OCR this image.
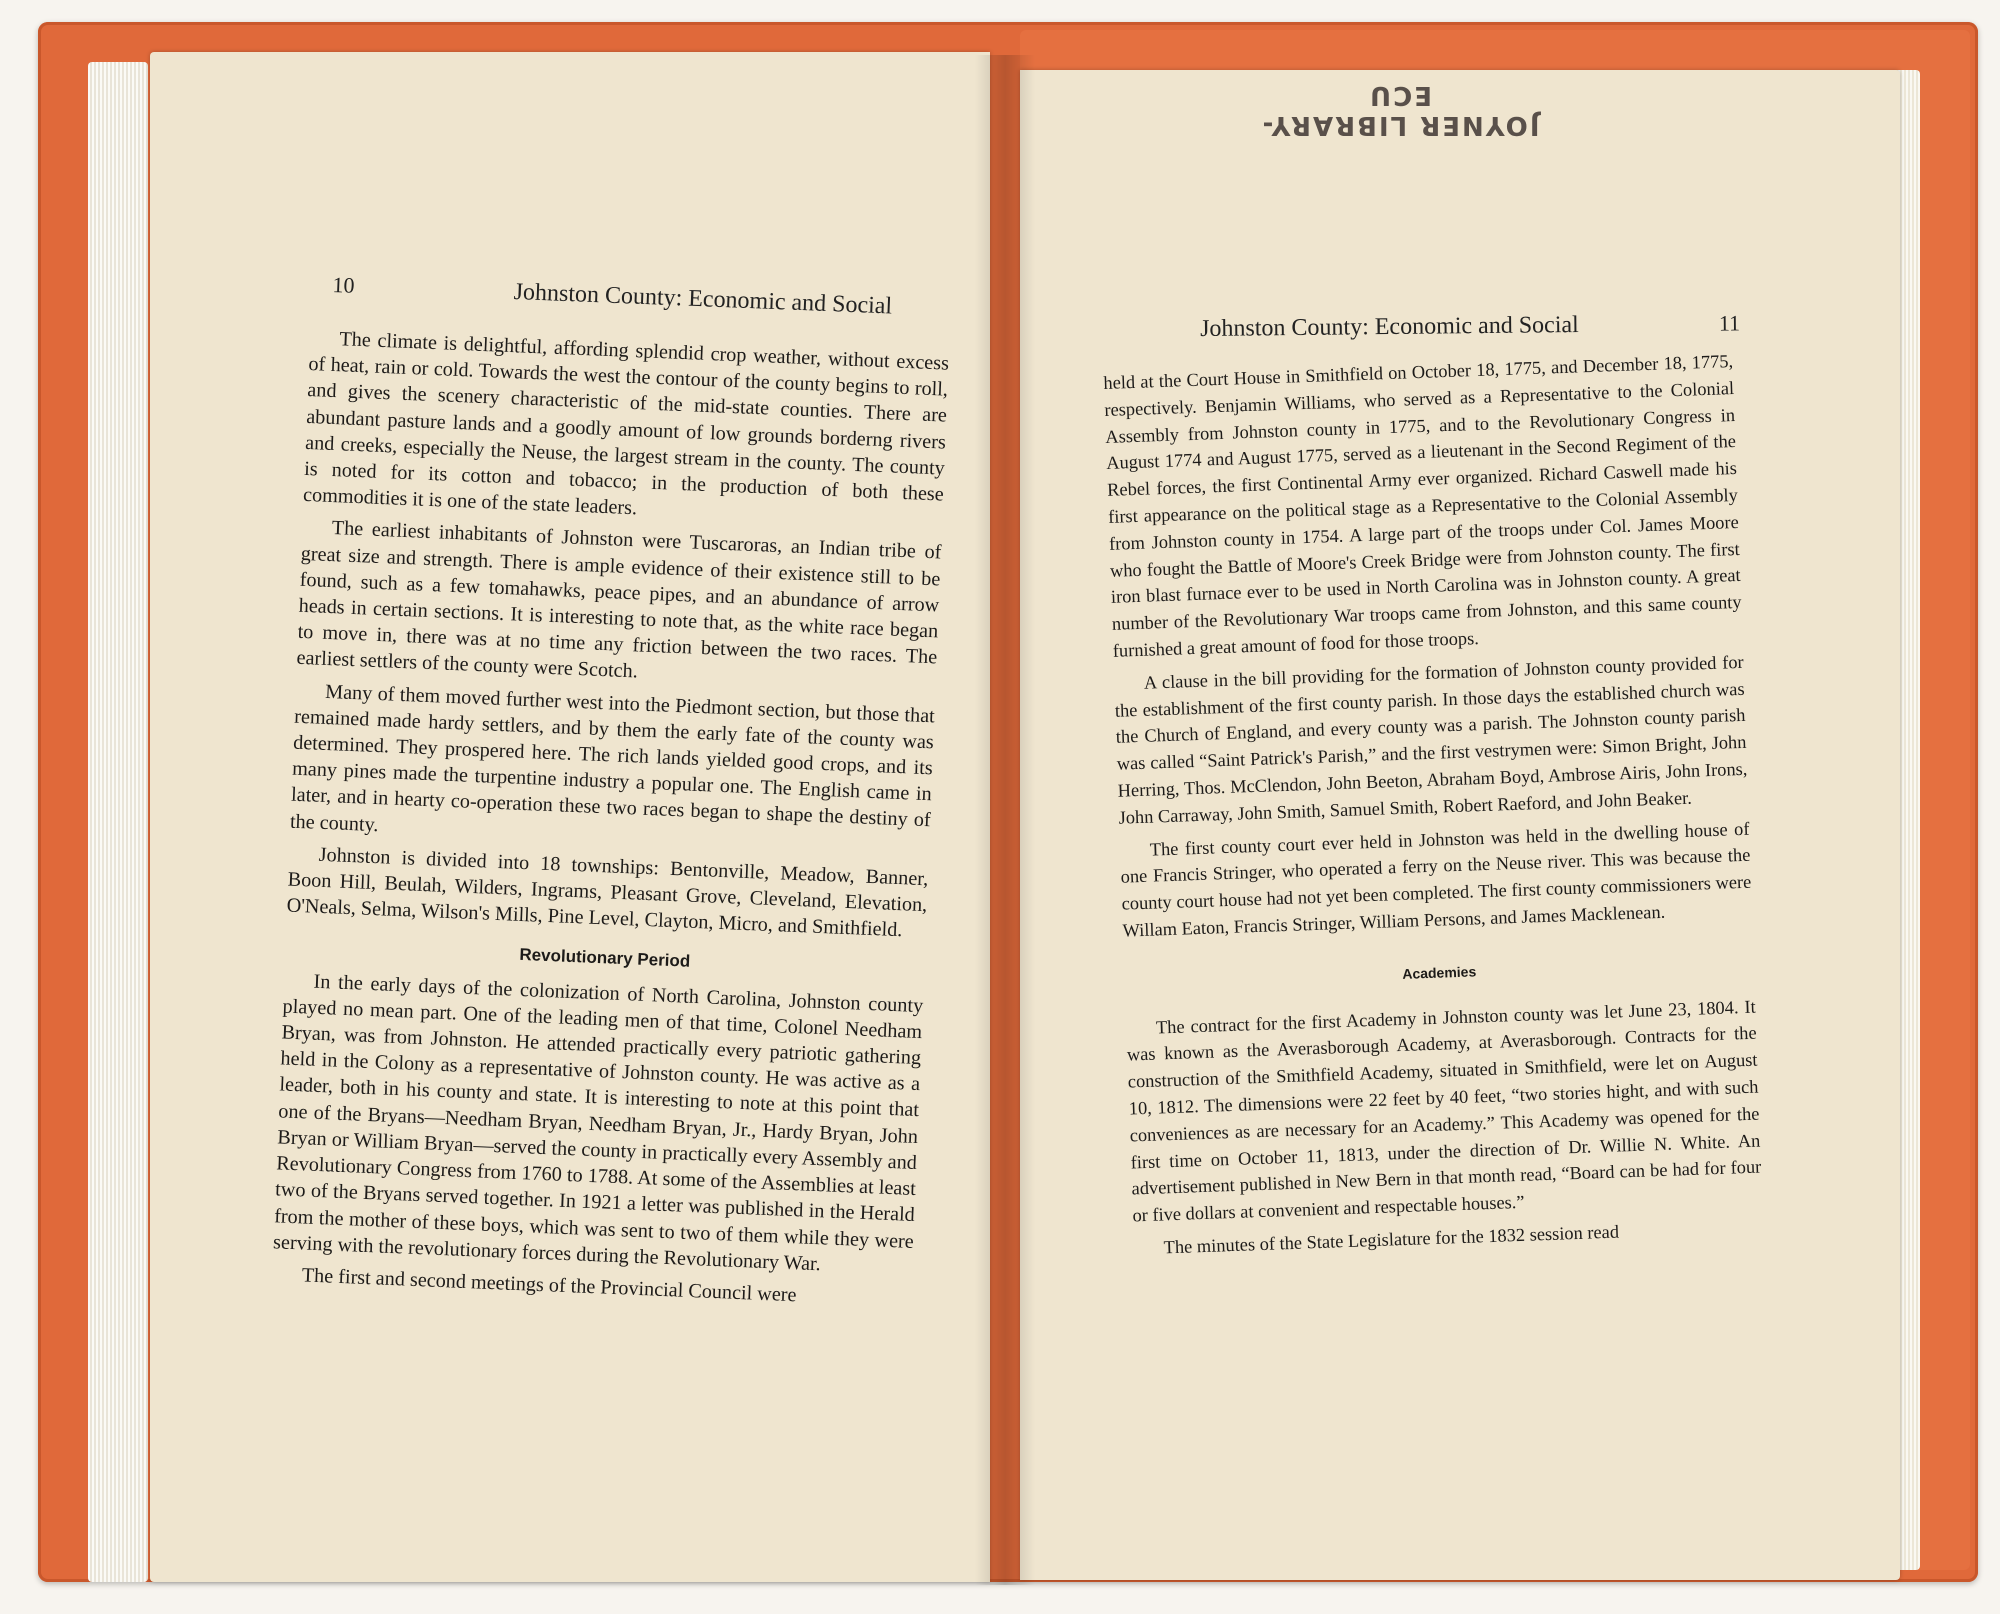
JOYNER LIBRARY-ECU
10	Johnston County: Economic and Social

The climate is delightful, affording splendid crop weather, without excess of heat, rain or cold. Towards the west the contour of the county begins to roll, and gives the scenery characteristic of the mid-state counties. There are abundant pasture lands and a goodly amount of low grounds borderng rivers and creeks, especially the Neuse, the largest stream in the county. The county is noted for its cotton and tobacco; in the production of both these commodities it is one of the state leaders.

The earliest inhabitants of Johnston were Tuscaroras, an Indian tribe of great size and strength. There is ample evidence of their existence still to be found, such as a few tomahawks, peace pipes, and an abundance of arrow heads in certain sections. It is interesting to note that, as the white race began to move in, there was at no time any friction between the two races. The earliest settlers of the county were Scotch.

Many of them moved further west into the Piedmont section, but those that remained made hardy settlers, and by them the early fate of the county was determined. They prospered here. The rich lands yielded good crops, and its many pines made the turpentine industry a popular one. The English came in later, and in hearty co-operation these two races began to shape the destiny of the county.

Johnston is divided into 18 townships: Bentonville, Meadow, Banner, Boon Hill, Beulah, Wilders, Ingrams, Pleasant Grove, Cleveland, Elevation, O'Neals, Selma, Wilson's Mills, Pine Level, Clayton, Micro, and Smithfield.

Revolutionary Period

In the early days of the colonization of North Carolina, Johnston county played no mean part. One of the leading men of that time, Colonel Needham Bryan, was from Johnston. He attended practically every patriotic gathering held in the Colony as a representative of Johnston county. He was active as a leader, both in his county and state. It is interesting to note at this point that one of the Bryans—Needham Bryan, Needham Bryan, Jr., Hardy Bryan, John Bryan or William Bryan—served the county in practically every Assembly and Revolutionary Congress from 1760 to 1788. At some of the Assemblies at least two of the Bryans served together. In 1921 a letter was published in the Herald from the mother of these boys, which was sent to two of them while they were serving with the revolutionary forces during the Revolutionary War.

The first and second meetings of the Provincial Council were

Johnston County: Economic and Social	11

held at the Court House in Smithfield on October 18, 1775, and December 18, 1775, respectively. Benjamin Williams, who served as a Representative to the Colonial Assembly from Johnston county in 1775, and to the Revolutionary Congress in August 1774 and August 1775, served as a lieutenant in the Second Regiment of the Rebel forces, the first Continental Army ever organized. Richard Caswell made his first appearance on the political stage as a Representative to the Colonial Assembly from Johnston county in 1754. A large part of the troops under Col. James Moore who fought the Battle of Moore's Creek Bridge were from Johnston county. The first iron blast furnace ever to be used in North Carolina was in Johnston county. A great number of the Revolutionary War troops came from Johnston, and this same county furnished a great amount of food for those troops.

A clause in the bill providing for the formation of Johnston county provided for the establishment of the first county parish. In those days the established church was the Church of England, and every county was a parish. The Johnston county parish was called “Saint Patrick's Parish,” and the first vestrymen were: Simon Bright, John Herring, Thos. McClendon, John Beeton, Abraham Boyd, Ambrose Airis, John Irons, John Carraway, John Smith, Samuel Smith, Robert Raeford, and John Beaker.

The first county court ever held in Johnston was held in the dwelling house of one Francis Stringer, who operated a ferry on the Neuse river. This was because the county court house had not yet been completed. The first county commissioners were Willam Eaton, Francis Stringer, William Persons, and James Macklenean.

Academies

The contract for the first Academy in Johnston county was let June 23, 1804. It was known as the Averasborough Academy, at Averasborough. Contracts for the construction of the Smithfield Academy, situated in Smithfield, were let on August 10, 1812. The dimensions were 22 feet by 40 feet, “two stories hight, and with such conveniences as are necessary for an Academy.” This Academy was opened for the first time on October 11, 1813, under the direction of Dr. Willie N. White. An advertisement published in New Bern in that month read, “Board can be had for four or five dollars at convenient and respectable houses.”

The minutes of the State Legislature for the 1832 session read
